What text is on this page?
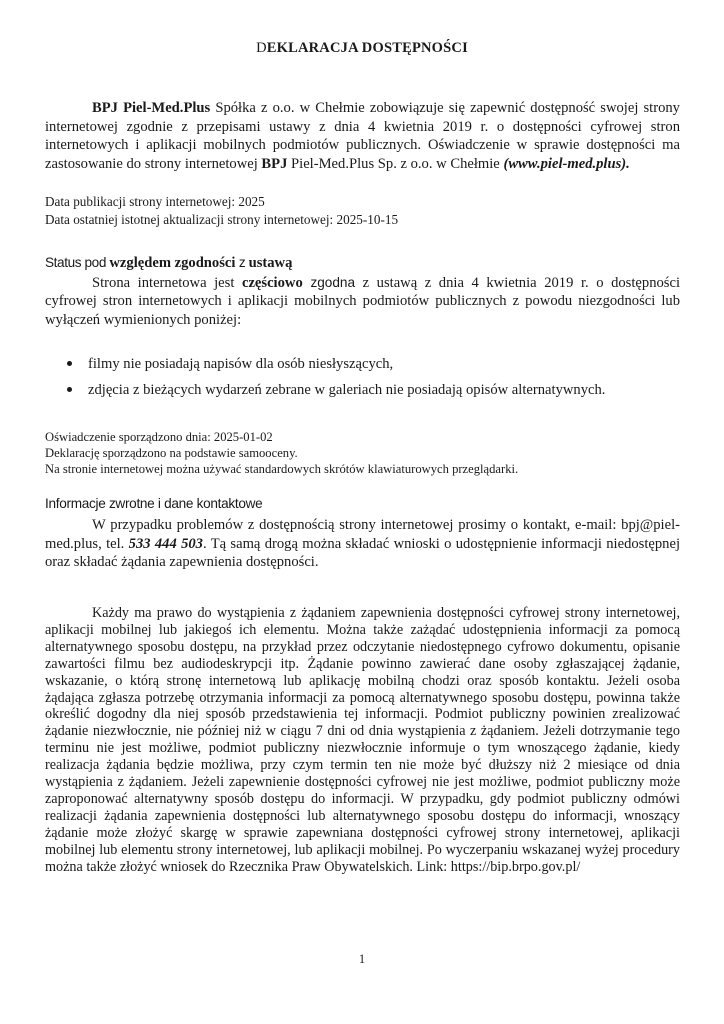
DEKLARACJA DOSTĘPNOŚCI

BPJ Piel-Med.Plus Spółka z o.o. w Chełmie zobowiązuje się zapewnić dostępność swojej strony internetowej zgodnie z przepisami ustawy z dnia 4 kwietnia 2019 r. o dostępności cyfrowej stron internetowych i aplikacji mobilnych podmiotów publicznych. Oświadczenie w sprawie dostępności ma zastosowanie do strony internetowej BPJ Piel-Med.Plus Sp. z o.o. w Chełmie (www.piel-med.plus).

Data publikacji strony internetowej: 2025
Data ostatniej istotnej aktualizacji strony internetowej: 2025-10-15
Status pod względem zgodności z ustawą

Strona internetowa jest częściowo zgodna z ustawą z dnia 4 kwietnia 2019 r. o dostępności cyfrowej stron internetowych i aplikacji mobilnych podmiotów publicznych z powodu niezgodności lub wyłączeń wymienionych poniżej:

filmy nie posiadają napisów dla osób niesłyszących,
zdjęcia z bieżących wydarzeń zebrane w galeriach nie posiadają opisów alternatywnych.
Oświadczenie sporządzono dnia: 2025-01-02
Deklarację sporządzono na podstawie samooceny.
Na stronie internetowej można używać standardowych skrótów klawiaturowych przeglądarki.
Informacje zwrotne i dane kontaktowe

W przypadku problemów z dostępnością strony internetowej prosimy o kontakt, e-mail: bpj@piel-med.plus, tel. 533 444 503. Tą samą drogą można składać wnioski o udostępnienie informacji niedostępnej oraz składać żądania zapewnienia dostępności.

Każdy ma prawo do wystąpienia z żądaniem zapewnienia dostępności cyfrowej strony internetowej, aplikacji mobilnej lub jakiegoś ich elementu. Można także zażądać udostępnienia informacji za pomocą alternatywnego sposobu dostępu, na przykład przez odczytanie niedostępnego cyfrowo dokumentu, opisanie zawartości filmu bez audiodeskrypcji itp. Żądanie powinno zawierać dane osoby zgłaszającej żądanie, wskazanie, o którą stronę internetową lub aplikację mobilną chodzi oraz sposób kontaktu. Jeżeli osoba żądająca zgłasza potrzebę otrzymania informacji za pomocą alternatywnego sposobu dostępu, powinna także określić dogodny dla niej sposób przedstawienia tej informacji. Podmiot publiczny powinien zrealizować żądanie niezwłocznie, nie później niż w ciągu 7 dni od dnia wystąpienia z żądaniem. Jeżeli dotrzymanie tego terminu nie jest możliwe, podmiot publiczny niezwłocznie informuje o tym wnoszącego żądanie, kiedy realizacja żądania będzie możliwa, przy czym termin ten nie może być dłuższy niż 2 miesiące od dnia wystąpienia z żądaniem. Jeżeli zapewnienie dostępności cyfrowej nie jest możliwe, podmiot publiczny może zaproponować alternatywny sposób dostępu do informacji. W przypadku, gdy podmiot publiczny odmówi realizacji żądania zapewnienia dostępności lub alternatywnego sposobu dostępu do informacji, wnoszący żądanie może złożyć skargę w sprawie zapewniana dostępności cyfrowej strony internetowej, aplikacji mobilnej lub elementu strony internetowej, lub aplikacji mobilnej. Po wyczerpaniu wskazanej wyżej procedury można także złożyć wniosek do Rzecznika Praw Obywatelskich. Link: https://bip.brpo.gov.pl/

1
